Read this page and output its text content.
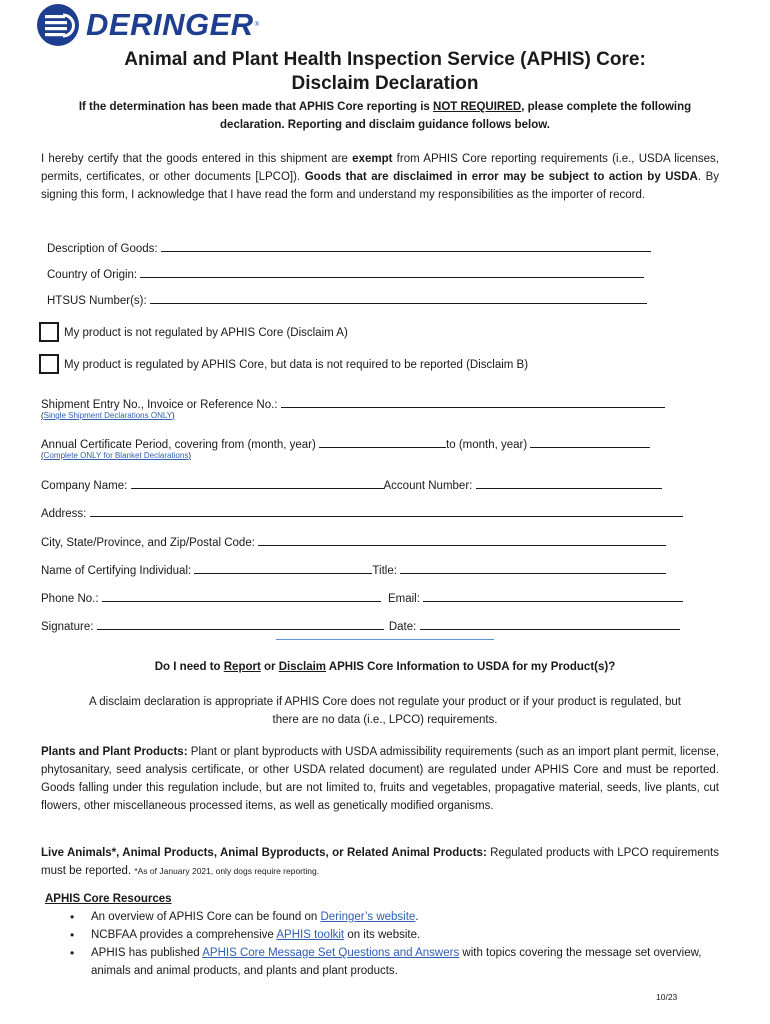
DERINGER ®
Animal and Plant Health Inspection Service (APHIS) Core:
Disclaim Declaration
If the determination has been made that APHIS Core reporting is NOT REQUIRED, please complete the following
declaration. Reporting and disclaim guidance follows below.
I hereby certify that the goods entered in this shipment are exempt from APHIS Core reporting requirements (i.e., USDA licenses, permits, certificates, or other documents [LPCO]). Goods that are disclaimed in error may be subject to action by USDA. By signing this form, I acknowledge that I have read the form and understand my responsibilities as the importer of record.
Description of Goods:
Country of Origin:
HTSUS Number(s):
My product is not regulated by APHIS Core (Disclaim A)
My product is regulated by APHIS Core, but data is not required to be reported (Disclaim B)
Shipment Entry No., Invoice or Reference No.:
(Single Shipment Declarations ONLY)
Annual Certificate Period, covering from (month, year)	to (month, year)
(Complete ONLY for Blanket Declarations)
Company Name:	Account Number:
Address:
City, State/Province, and Zip/Postal Code:
Name of Certifying Individual:	Title:
Phone No.:	Email:
Signature:	Date:
Do I need to Report or Disclaim APHIS Core Information to USDA for my Product(s)?
A disclaim declaration is appropriate if APHIS Core does not regulate your product or if your product is regulated, but
there are no data (i.e., LPCO) requirements.
Plants and Plant Products: Plant or plant byproducts with USDA admissibility requirements (such as an import plant permit, license, phytosanitary, seed analysis certificate, or other USDA related document) are regulated under APHIS Core and must be reported. Goods falling under this regulation include, but are not limited to, fruits and vegetables, propagative material, seeds, live plants, cut flowers, other miscellaneous processed items, as well as genetically modified organisms.
Live Animals*, Animal Products, Animal Byproducts, or Related Animal Products: Regulated products with LPCO requirements must be reported. *As of January 2021, only dogs require reporting.
APHIS Core Resources
• An overview of APHIS Core can be found on Deringer’s website.
• NCBFAA provides a comprehensive APHIS toolkit on its website.
• APHIS has published APHIS Core Message Set Questions and Answers with topics covering the message set overview, animals and animal products, and plants and plant products.
10/23
